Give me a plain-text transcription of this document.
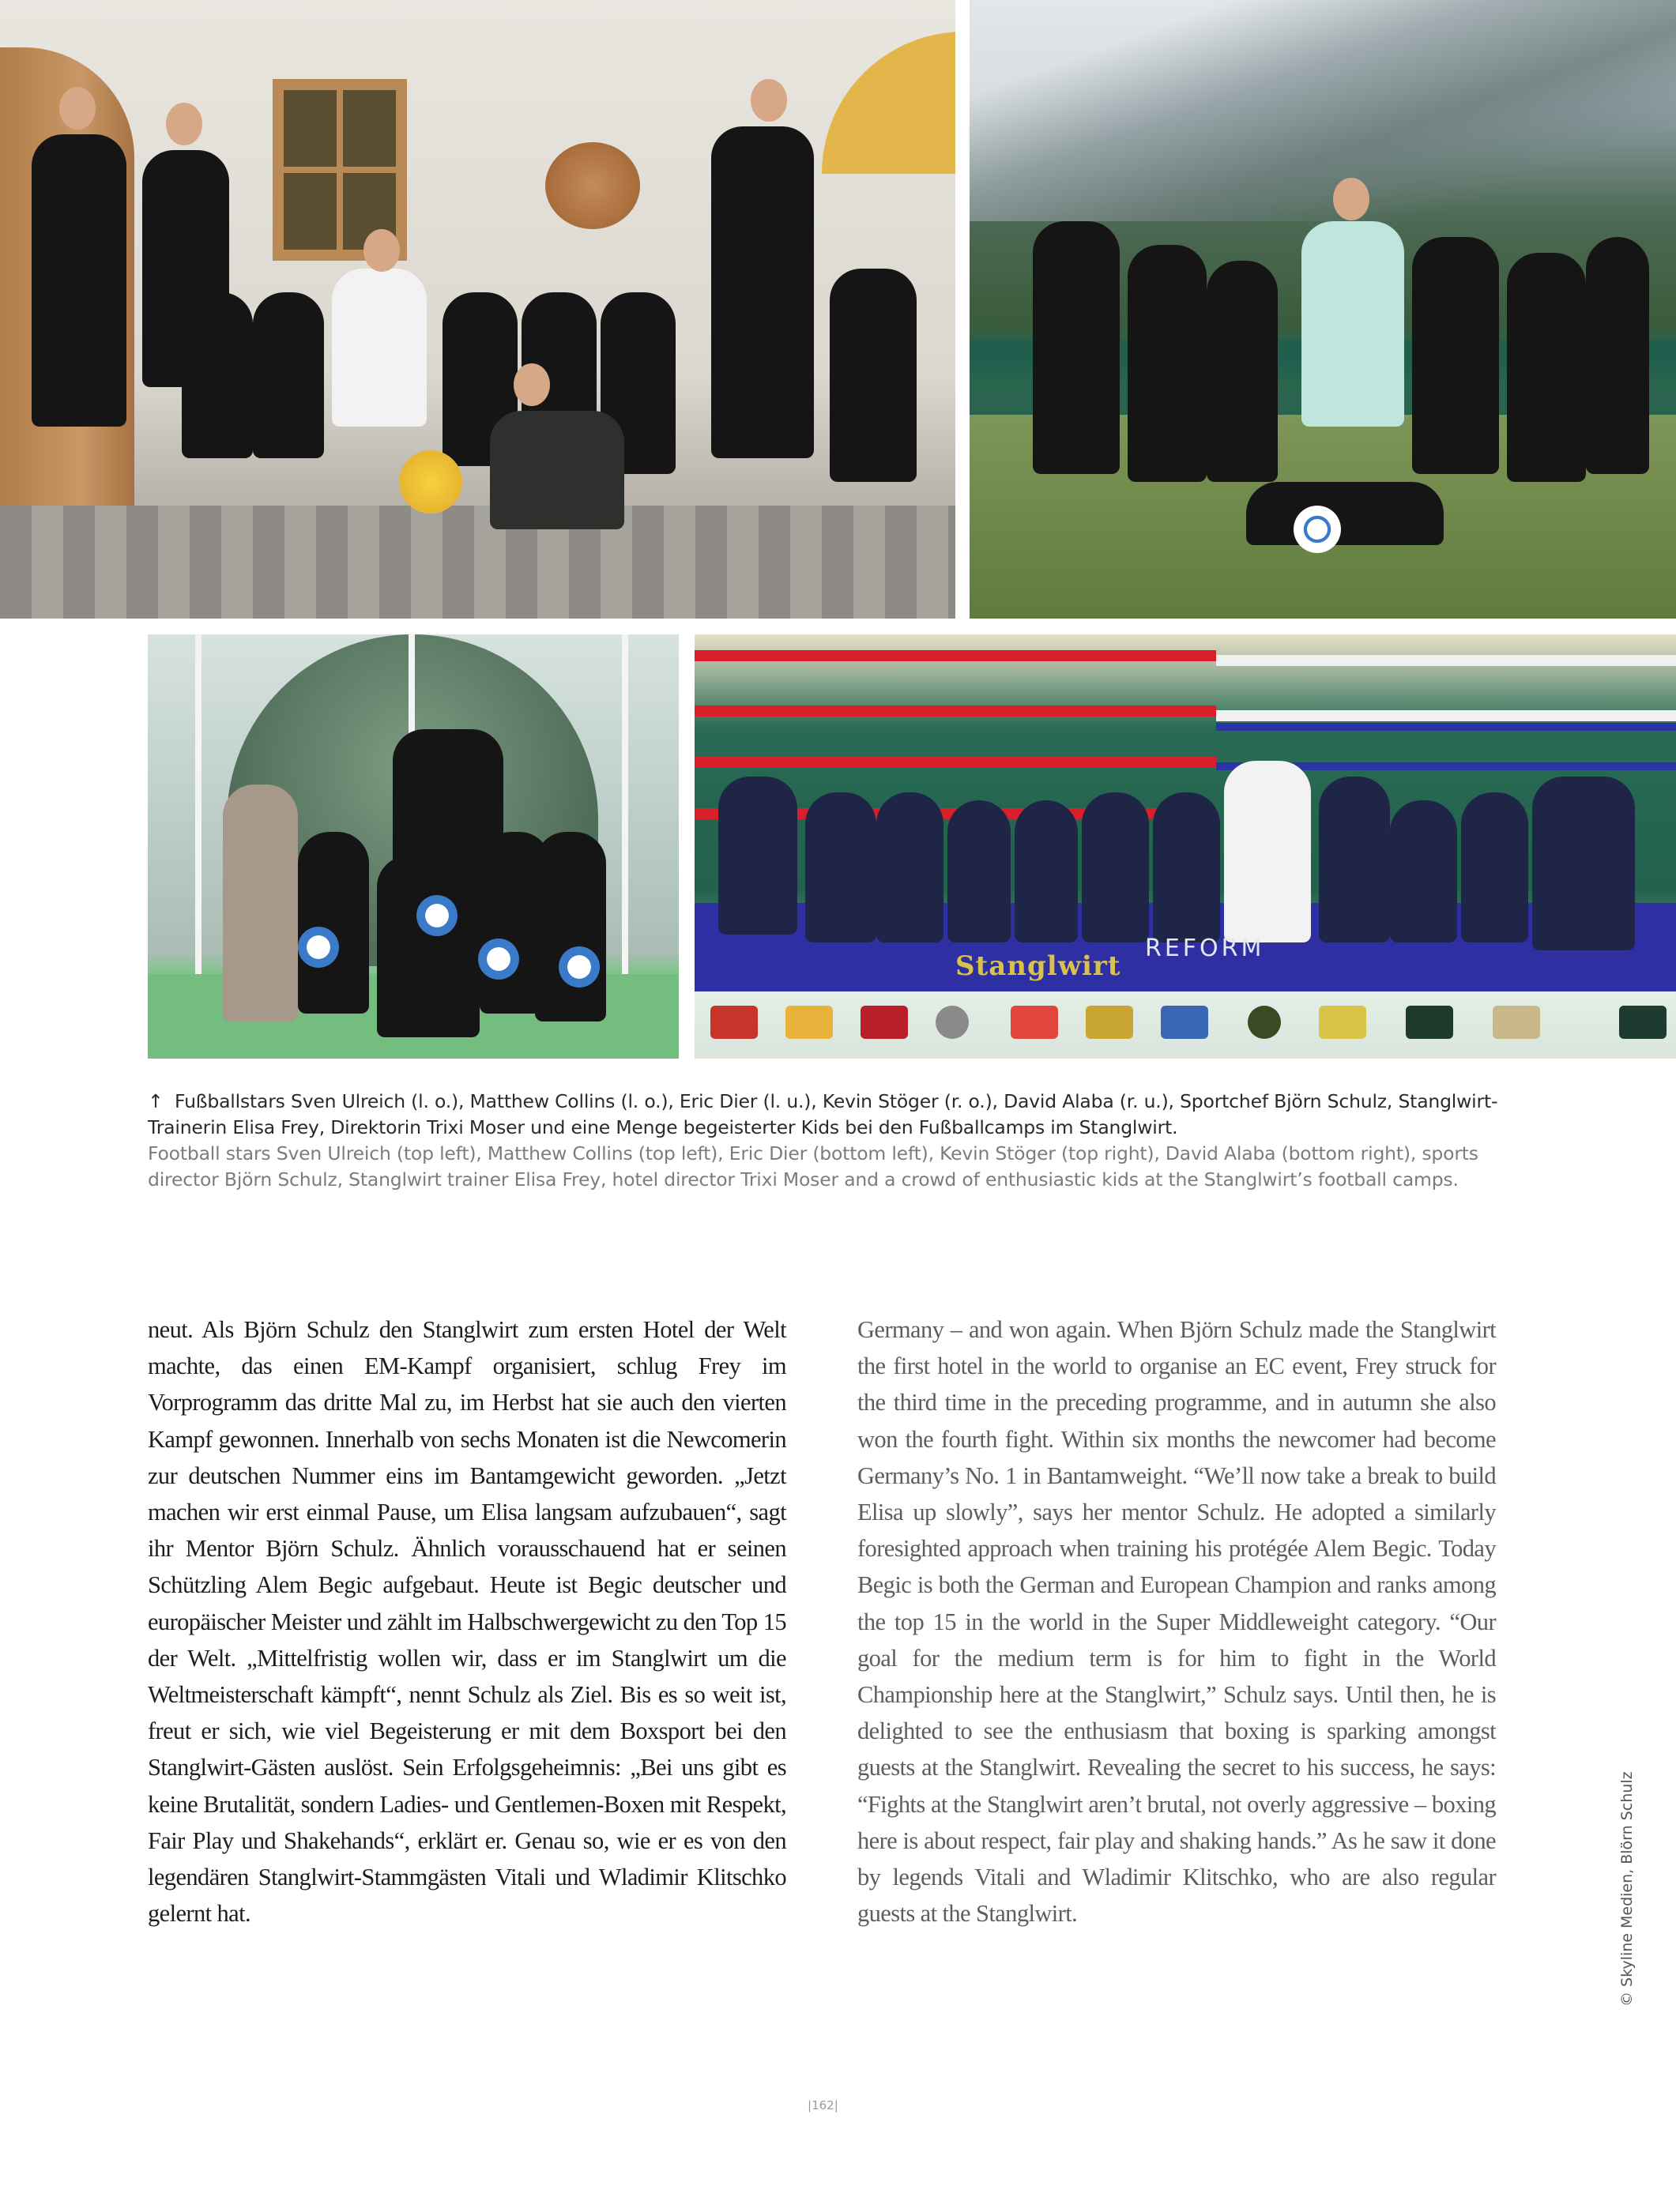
Stanglwirt
REFORM
↑ Fußballstars Sven Ulreich (l. o.), Matthew Collins (l. o.), Eric Dier (l. u.), Kevin Stöger (r. o.), David Alaba (r. u.), Sportchef Björn Schulz, Stanglwirt-Trainerin Elisa Frey, Direktorin Trixi Moser und eine Menge begeisterter Kids bei den Fußballcamps im Stanglwirt.
Football stars Sven Ulreich (top left), Matthew Collins (top left), Eric Dier (bottom left), Kevin Stöger (top right), David Alaba (bottom right), sports director Björn Schulz, Stanglwirt trainer Elisa Frey, hotel director Trixi Moser and a crowd of enthusiastic kids at the Stanglwirt’s football camps.

neut. Als Björn Schulz den Stanglwirt zum ersten Hotel der Welt machte, das einen EM-Kampf organisiert, schlug Frey im Vorprogramm das dritte Mal zu, im Herbst hat sie auch den vierten Kampf gewonnen. Innerhalb von sechs Monaten ist die Newcomerin zur deutschen Nummer eins im Bantamgewicht geworden. „Jetzt machen wir erst einmal Pause, um Elisa langsam aufzubauen“, sagt ihr Mentor Björn Schulz. Ähnlich vorausschauend hat er seinen Schützling Alem Begic aufgebaut. Heute ist Begic deutscher und europäischer Meister und zählt im Halbschwergewicht zu den Top 15 der Welt. „Mittelfristig wollen wir, dass er im Stanglwirt um die Weltmeisterschaft kämpft“, nennt Schulz als Ziel. Bis es so weit ist, freut er sich, wie viel Begeisterung er mit dem Boxsport bei den Stanglwirt-Gästen auslöst. Sein Erfolgsgeheimnis: „Bei uns gibt es keine Brutalität, sondern Ladies- und Gentlemen-Boxen mit Respekt, Fair Play und Shakehands“, erklärt er. Genau so, wie er es von den legendären Stanglwirt-Stammgästen Vitali und Wladimir Klitschko gelernt hat.

Germany – and won again. When Björn Schulz made the Stanglwirt the first hotel in the world to organise an EC event, Frey struck for the third time in the preceding programme, and in autumn she also won the fourth fight. Within six months the newcomer had become Germany’s No. 1 in Bantamweight. “We’ll now take a break to build Elisa up slowly”, says her mentor Schulz. He adopted a similarly foresighted approach when training his protégée Alem Begic. Today Begic is both the German and European Champion and ranks among the top 15 in the world in the Super Middleweight category. “Our goal for the medium term is for him to fight in the World Championship here at the Stanglwirt,” Schulz says. Until then, he is delighted to see the enthusiasm that boxing is sparking amongst guests at the Stanglwirt. Revealing the secret to his success, he says: “Fights at the Stanglwirt aren’t brutal, not overly aggressive – boxing here is about respect, fair play and shaking hands.” As he saw it done by legends Vitali and Wladimir Klitschko, who are also regular guests at the Stanglwirt.	© Skyline Medien, Blörn Schulz
|162|
